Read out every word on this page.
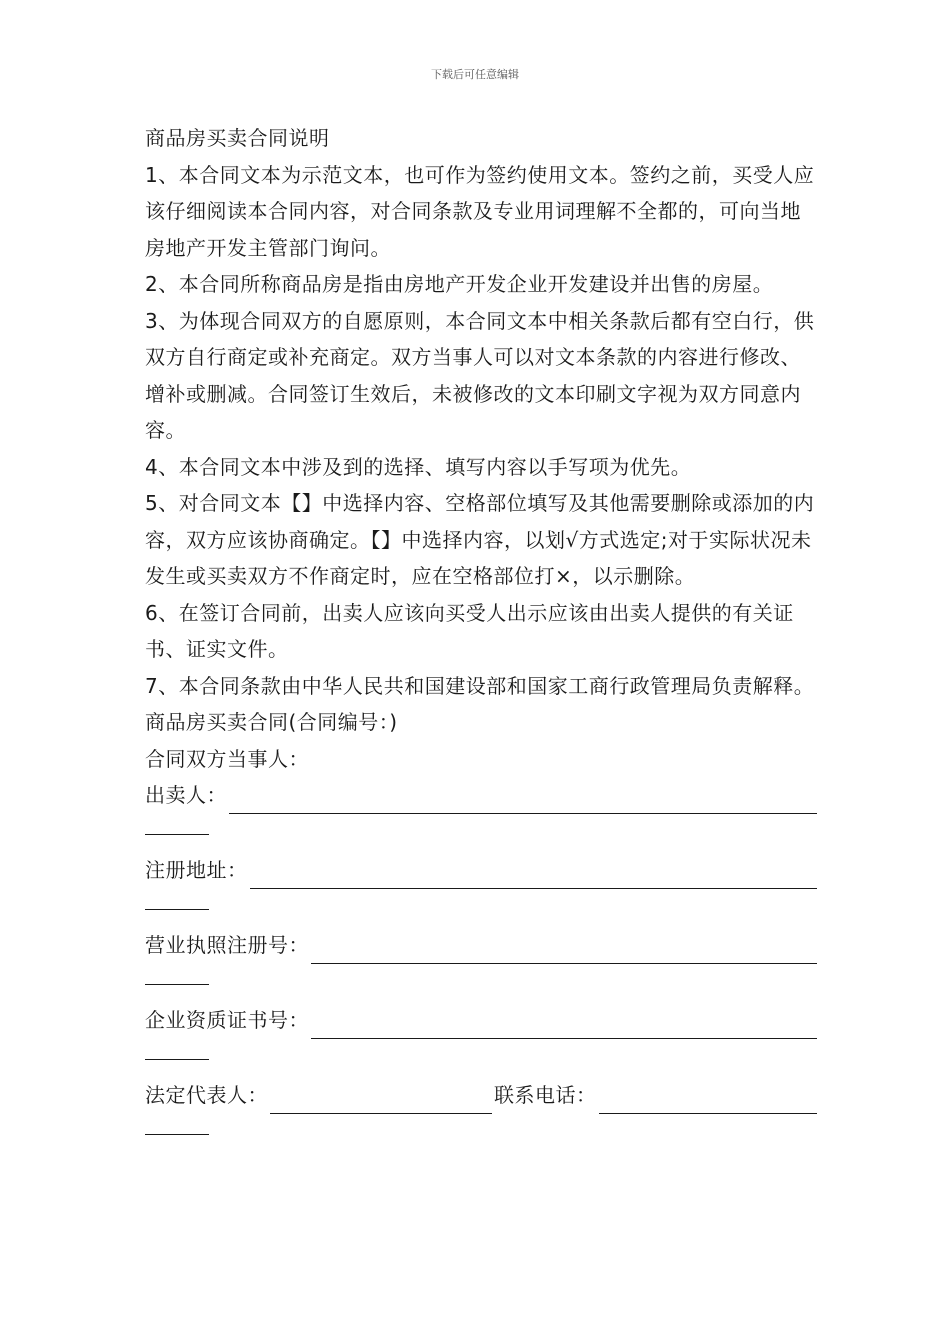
下载后可任意编辑

商品房买卖合同说明

1、本合同文本为示范文本，也可作为签约使用文本。签约之前，买受人应该仔细阅读本合同内容，对合同条款及专业用词理解不全都的，可向当地房地产开发主管部门询问。

2、本合同所称商品房是指由房地产开发企业开发建设并出售的房屋。

3、为体现合同双方的自愿原则，本合同文本中相关条款后都有空白行，供双方自行商定或补充商定。双方当事人可以对文本条款的内容进行修改、增补或删减。合同签订生效后，未被修改的文本印刷文字视为双方同意内容。

4、本合同文本中涉及到的选择、填写内容以手写项为优先。

5、对合同文本【】中选择内容、空格部位填写及其他需要删除或添加的内容，双方应该协商确定。【】中选择内容，以划√方式选定;对于实际状况未发生或买卖双方不作商定时，应在空格部位打×，以示删除。

6、在签订合同前，出卖人应该向买受人出示应该由出卖人提供的有关证书、证实文件。

7、本合同条款由中华人民共和国建设部和国家工商行政管理局负责解释。

商品房买卖合同(合同编号：)

合同双方当事人：

出卖人：
注册地址：
营业执照注册号：
企业资质证书号：
法定代表人：	联系电话：
